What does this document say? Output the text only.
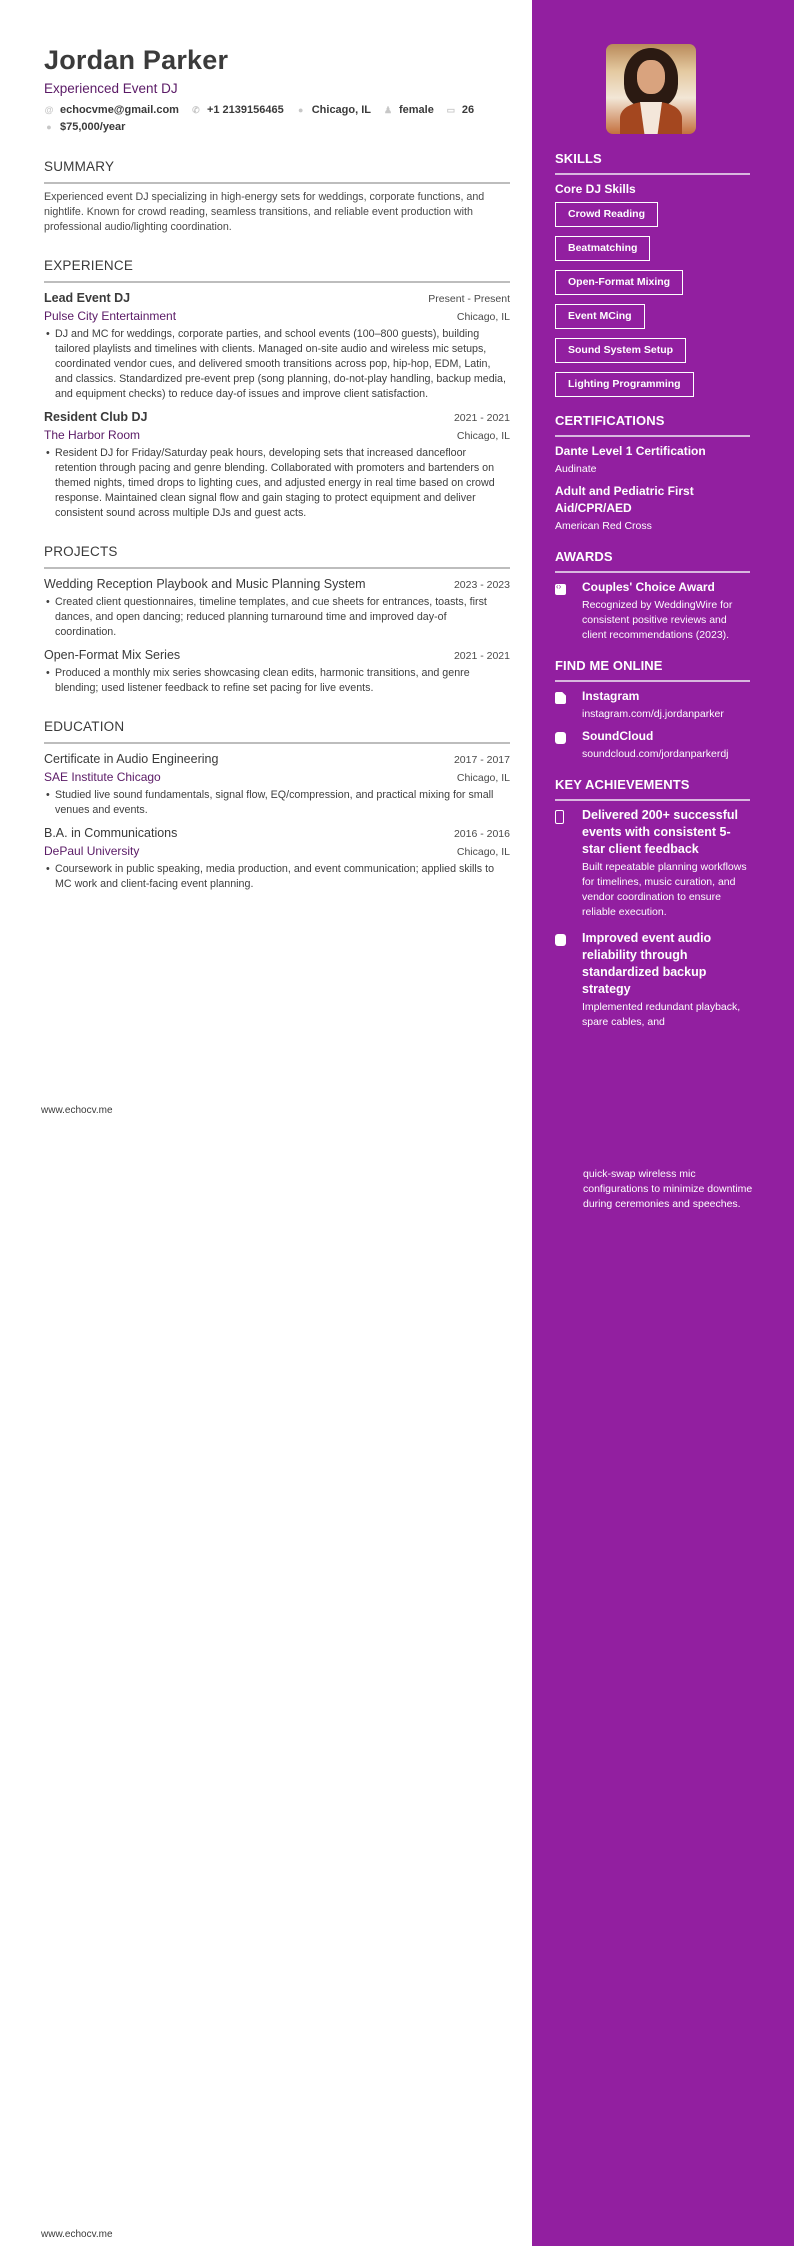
Jordan Parker
Experienced Event DJ
@ echocvme@gmail.com ✆ +1 2139156465 ● Chicago, IL ♟ female ▭ 26
● $75,000/year
SUMMARY
Experienced event DJ specializing in high-energy sets for weddings, corporate functions, and nightlife. Known for crowd reading, seamless transitions, and reliable event production with professional audio/lighting coordination.
EXPERIENCE
Lead Event DJ	Present - Present
Pulse City Entertainment	Chicago, IL
• DJ and MC for weddings, corporate parties, and school events (100–800 guests), building tailored playlists and timelines with clients. Managed on-site audio and wireless mic setups, coordinated vendor cues, and delivered smooth transitions across pop, hip-hop, EDM, Latin, and classics. Standardized pre-event prep (song planning, do-not-play handling, backup media, and equipment checks) to reduce day-of issues and improve client satisfaction.
Resident Club DJ	2021 - 2021
The Harbor Room	Chicago, IL
• Resident DJ for Friday/Saturday peak hours, developing sets that increased dancefloor retention through pacing and genre blending. Collaborated with promoters and bartenders on themed nights, timed drops to lighting cues, and adjusted energy in real time based on crowd response. Maintained clean signal flow and gain staging to protect equipment and deliver consistent sound across multiple DJs and guest acts.
PROJECTS
Wedding Reception Playbook and Music Planning System	2023 - 2023
• Created client questionnaires, timeline templates, and cue sheets for entrances, toasts, first dances, and open dancing; reduced planning turnaround time and improved day-of coordination.
Open-Format Mix Series	2021 - 2021
• Produced a monthly mix series showcasing clean edits, harmonic transitions, and genre blending; used listener feedback to refine set pacing for live events.
EDUCATION
Certificate in Audio Engineering	2017 - 2017
SAE Institute Chicago	Chicago, IL
• Studied live sound fundamentals, signal flow, EQ/compression, and practical mixing for small venues and events.
B.A. in Communications	2016 - 2016
DePaul University	Chicago, IL
• Coursework in public speaking, media production, and event communication; applied skills to MC work and client-facing event planning.
www.echocv.me
www.echocv.me
SKILLS
Core DJ Skills
Crowd Reading
Beatmatching
Open-Format Mixing
Event MCing
Sound System Setup
Lighting Programming
CERTIFICATIONS
Dante Level 1 Certification
Audinate
Adult and Pediatric First Aid/CPR/AED
American Red Cross
AWARDS
‹›
Couples' Choice Award
Recognized by WeddingWire for consistent positive reviews and client recommendations (2023).
FIND ME ONLINE
Instagram
instagram.com/dj.jordanparker
SoundCloud
soundcloud.com/jordanparkerdj
KEY ACHIEVEMENTS
Delivered 200+ successful events with consistent 5-star client feedback
Built repeatable planning workflows for timelines, music curation, and vendor coordination to ensure reliable execution.
Improved event audio reliability through standardized backup strategy
Implemented redundant playback, spare cables, and
quick-swap wireless mic configurations to minimize downtime during ceremonies and speeches.
